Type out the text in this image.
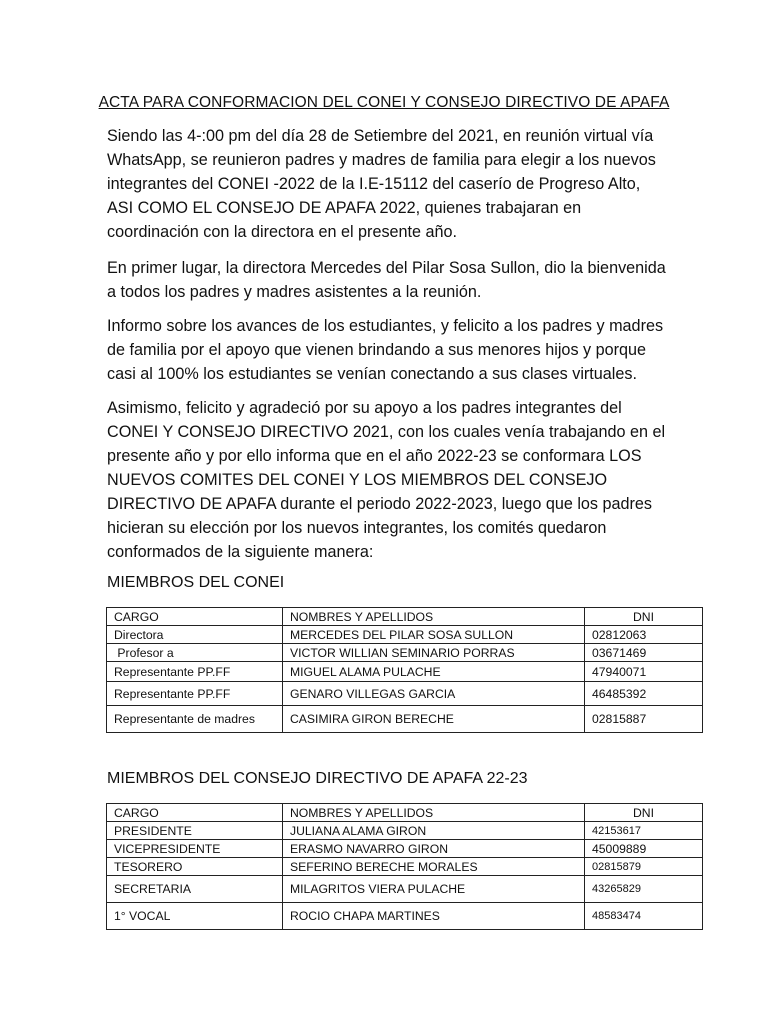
ACTA PARA CONFORMACION DEL CONEI Y CONSEJO DIRECTIVO DE APAFA

Siendo las 4-:00 pm del día 28 de Setiembre del 2021, en reunión virtual vía WhatsApp, se reunieron padres y madres de familia para elegir a los nuevos integrantes del CONEI -2022 de la I.E-15112 del caserío de Progreso Alto, ASI COMO EL CONSEJO DE APAFA 2022, quienes trabajaran en coordinación con la directora en el presente año.

En primer lugar, la directora Mercedes del Pilar Sosa Sullon, dio la bienvenida a todos los padres y madres asistentes a la reunión.

Informo sobre los avances de los estudiantes, y felicito a los padres y madres de familia por el apoyo que vienen brindando a sus menores hijos y porque casi al 100% los estudiantes se venían conectando a sus clases virtuales.

Asimismo, felicito y agradeció por su apoyo a los padres integrantes del CONEI Y CONSEJO DIRECTIVO 2021, con los cuales venía trabajando en el presente año y por ello informa que en el año 2022-23 se conformara LOS NUEVOS COMITES DEL CONEI Y LOS MIEMBROS DEL CONSEJO DIRECTIVO DE APAFA durante el periodo 2022-2023, luego que los padres hicieran su elección por los nuevos integrantes, los comités quedaron conformados de la siguiente manera:

MIEMBROS DEL CONEI
CARGO	NOMBRES Y APELLIDOS	DNI
Directora	MERCEDES DEL PILAR SOSA SULLON	02812063
Profesor a	VICTOR WILLIAN SEMINARIO PORRAS	03671469
Representante PP.FF	MIGUEL ALAMA PULACHE	47940071
Representante PP.FF	GENARO VILLEGAS GARCIA	46485392
Representante de madres	CASIMIRA GIRON BERECHE	02815887
MIEMBROS DEL CONSEJO DIRECTIVO DE APAFA 22-23
CARGO	NOMBRES Y APELLIDOS	DNI
PRESIDENTE	JULIANA ALAMA GIRON	42153617
VICEPRESIDENTE	ERASMO NAVARRO GIRON	45009889
TESORERO	SEFERINO BERECHE MORALES	02815879
SECRETARIA	MILAGRITOS VIERA PULACHE	43265829
1° VOCAL	ROCIO CHAPA MARTINES	48583474
